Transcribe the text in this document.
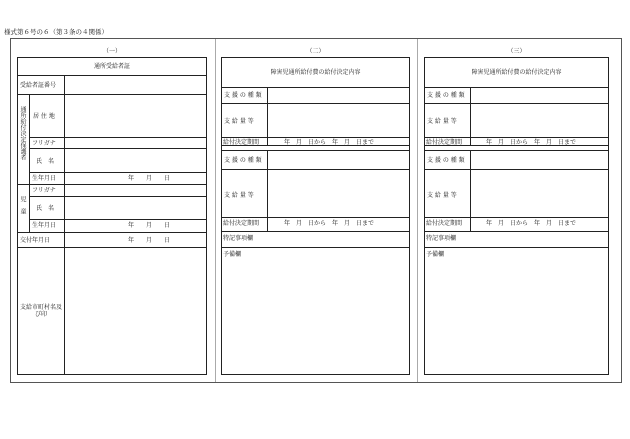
様式第６号の６（第３条の４関係）
（一）
通所受給者証
受給者証番号
通所給付決定保護者 居 住 地
フリガナ
氏　名
生年月日	年　　月　　日
児　童
フリガナ
氏　名
生年月日	年　　月　　日
交付年月日	年　　月　　日
支給市町村名及び印
（二）
障害児通所給付費の給付決定内容
支 援 の 種 類
支 給 量 等
給付決定期間	年　月　日から　年　月　日まで
支 援 の 種 類
支 給 量 等
給付決定期間	年　月　日から　年　月　日まで
特記事項欄
予備欄
（三）
障害児通所給付費の給付決定内容
支 援 の 種 類
支 給 量 等
給付決定期間	年　月　日から　年　月　日まで
支 援 の 種 類
支 給 量 等
給付決定期間	年　月　日から　年　月　日まで
特記事項欄
予備欄
